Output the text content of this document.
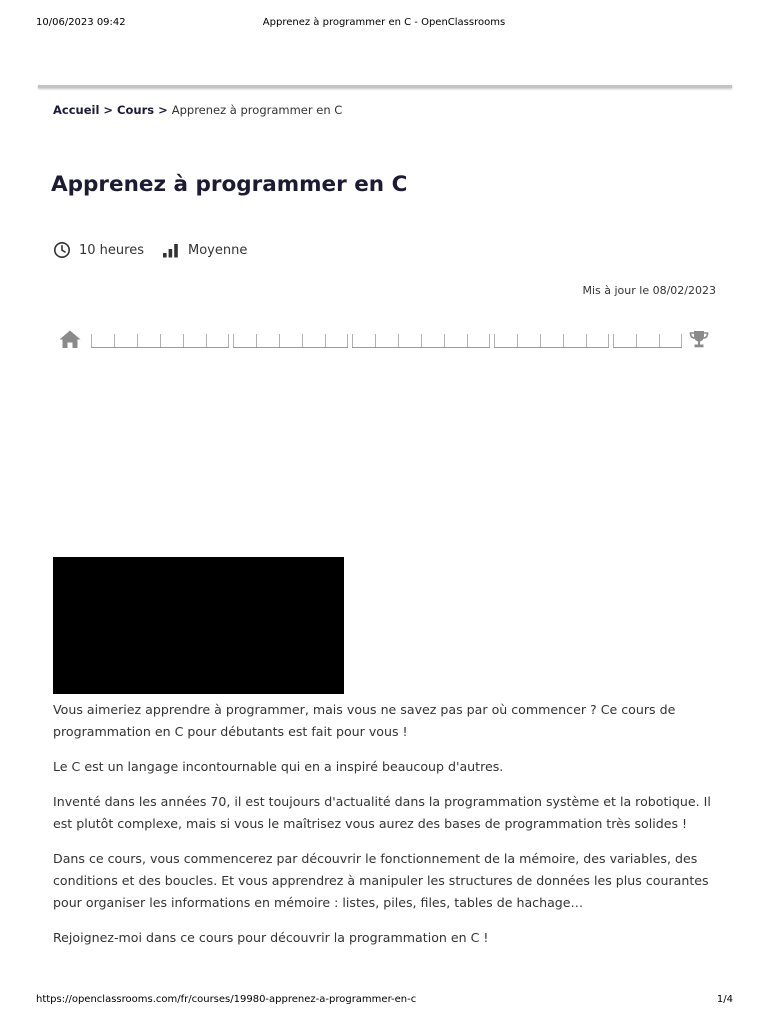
10/06/2023 09:42	Apprenez à programmer en C - OpenClassrooms
Accueil > Cours > Apprenez à programmer en C
Apprenez à programmer en C
10 heures	Moyenne
Mis à jour le 08/02/2023

Vous aimeriez apprendre à programmer, mais vous ne savez pas par où commencer ? Ce cours de programmation en C pour débutants est fait pour vous !

Le C est un langage incontournable qui en a inspiré beaucoup d'autres.

Inventé dans les années 70, il est toujours d'actualité dans la programmation système et la robotique. Il est plutôt complexe, mais si vous le maîtrisez vous aurez des bases de programmation très solides !

Dans ce cours, vous commencerez par découvrir le fonctionnement de la mémoire, des variables, des conditions et des boucles. Et vous apprendrez à manipuler les structures de données les plus courantes pour organiser les informations en mémoire : listes, piles, files, tables de hachage…

Rejoignez-moi dans ce cours pour découvrir la programmation en C !

https://openclassrooms.com/fr/courses/19980-apprenez-a-programmer-en-c	1/4
